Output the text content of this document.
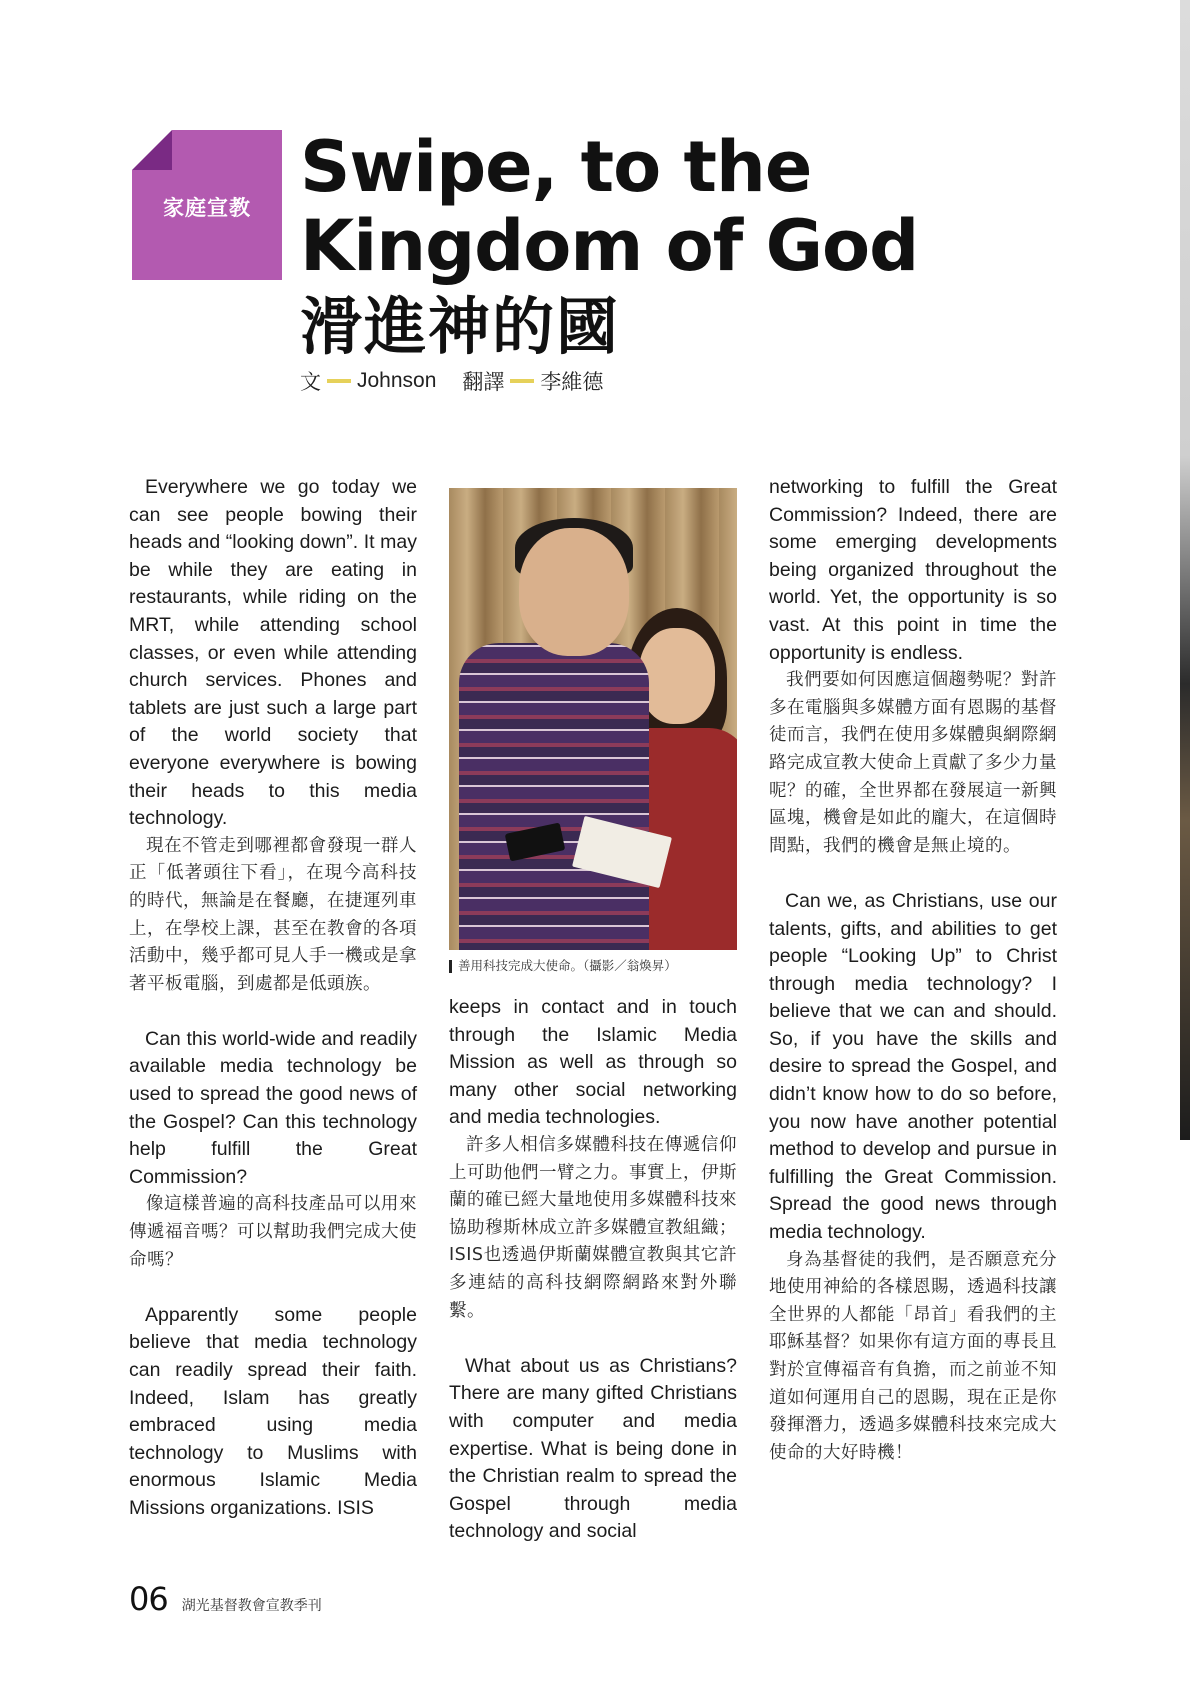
家庭宣教 Swipe, to the
Kingdom of God
滑進神的國
文 Johnson 翻譯 李維德

Everywhere we go today we can see people bowing their heads and “looking down”. It may be while they are eating in restaurants, while riding on the MRT, while attending school classes, or even while attending church services. Phones and tablets are just such a large part of the world society that everyone everywhere is bowing their heads to this media technology.

現在不管走到哪裡都會發現一群人正「低著頭往下看」，在現今高科技的時代，無論是在餐廳，在捷運列車上，在學校上課，甚至在教會的各項活動中，幾乎都可見人手一機或是拿著平板電腦，到處都是低頭族。

Can this world-wide and readily available media technology be used to spread the good news of the Gospel? Can this technology help fulfill the Great Commission?

像這樣普遍的高科技產品可以用來傳遞福音嗎？可以幫助我們完成大使命嗎？

Apparently some people believe that media technology can readily spread their faith. Indeed, Islam has greatly embraced using media technology to Muslims with enormous Islamic Media Missions organizations. ISIS

善用科技完成大使命。（攝影／翁煥昇）

keeps in contact and in touch through the Islamic Media Mission as well as through so many other social networking and media technologies.

許多人相信多媒體科技在傳遞信仰上可助他們一臂之力。事實上，伊斯蘭的確已經大量地使用多媒體科技來協助穆斯林成立許多媒體宣教組織；ISIS也透過伊斯蘭媒體宣教與其它許多連結的高科技網際網路來對外聯繫。

What about us as Christians? There are many gifted Christians with computer and media expertise. What is being done in the Christian realm to spread the Gospel through media technology and social

networking to fulfill the Great Commission? Indeed, there are some emerging developments being organized throughout the world. Yet, the opportunity is so vast. At this point in time the opportunity is endless.

我們要如何因應這個趨勢呢？對許多在電腦與多媒體方面有恩賜的基督徒而言，我們在使用多媒體與網際網路完成宣教大使命上貢獻了多少力量呢？的確，全世界都在發展這一新興區塊，機會是如此的龐大，在這個時間點，我們的機會是無止境的。

Can we, as Christians, use our talents, gifts, and abilities to get people “Looking Up” to Christ through media technology? I believe that we can and should. So, if you have the skills and desire to spread the Gospel, and didn’t know how to do so before, you now have another potential method to develop and pursue in fulfilling the Great Commission. Spread the good news through media technology.

身為基督徒的我們，是否願意充分地使用神給的各樣恩賜，透過科技讓全世界的人都能「昂首」看我們的主耶穌基督？如果你有這方面的專長且對於宣傳福音有負擔，而之前並不知道如何運用自己的恩賜，現在正是你發揮潛力，透過多媒體科技來完成大使命的大好時機！

06 湖光基督教會宣教季刊
